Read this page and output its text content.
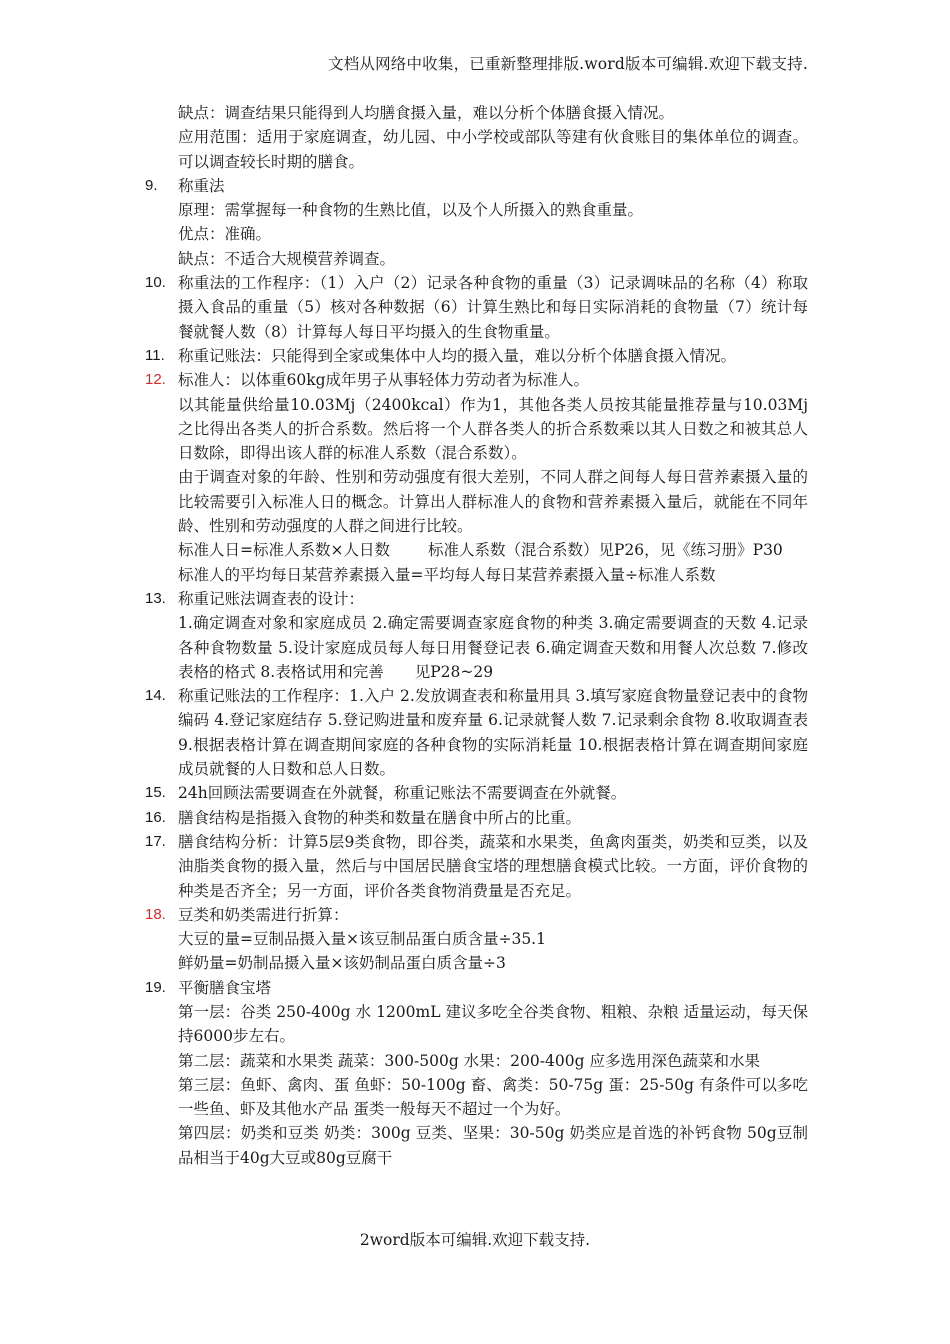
文档从网络中收集，已重新整理排版.word版本可编辑.欢迎下载支持.
缺点：调查结果只能得到人均膳食摄入量，难以分析个体膳食摄入情况。
应用范围：适用于家庭调查，幼儿园、中小学校或部队等建有伙食账目的集体单位的调查。可以调查较长时期的膳食。
9. 称重法
原理：需掌握每一种食物的生熟比值，以及个人所摄入的熟食重量。
优点：准确。
缺点：不适合大规模营养调查。
10. 称重法的工作程序：（1）入户（2）记录各种食物的重量（3）记录调味品的名称（4）称取摄入食品的重量（5）核对各种数据（6）计算生熟比和每日实际消耗的食物量（7）统计每餐就餐人数（8）计算每人每日平均摄入的生食物重量。
11. 称重记账法：只能得到全家或集体中人均的摄入量，难以分析个体膳食摄入情况。
12. 标准人：以体重60kg成年男子从事轻体力劳动者为标准人。
以其能量供给量10.03Mj（2400kcal）作为1，其他各类人员按其能量推荐量与10.03Mj之比得出各类人的折合系数。然后将一个人群各类人的折合系数乘以其人日数之和被其总人日数除，即得出该人群的标准人系数（混合系数）。
由于调查对象的年龄、性别和劳动强度有很大差别，不同人群之间每人每日营养素摄入量的比较需要引入标准人日的概念。计算出人群标准人的食物和营养素摄入量后，就能在不同年龄、性别和劳动强度的人群之间进行比较。
标准人日=标准人系数×人日数 标准人系数（混合系数）见P26，见《练习册》P30
标准人的平均每日某营养素摄入量=平均每人每日某营养素摄入量÷标准人系数
13. 称重记账法调查表的设计：
1.确定调查对象和家庭成员 2.确定需要调查家庭食物的种类 3.确定需要调查的天数 4.记录各种食物数量 5.设计家庭成员每人每日用餐登记表 6.确定调查天数和用餐人次总数 7.修改表格的格式 8.表格试用和完善　　见P28~29
14. 称重记账法的工作程序：1.入户 2.发放调查表和称量用具 3.填写家庭食物量登记表中的食物编码 4.登记家庭结存 5.登记购进量和废弃量 6.记录就餐人数 7.记录剩余食物 8.收取调查表 9.根据表格计算在调查期间家庭的各种食物的实际消耗量 10.根据表格计算在调查期间家庭成员就餐的人日数和总人日数。
15. 24h回顾法需要调查在外就餐，称重记账法不需要调查在外就餐。
16. 膳食结构是指摄入食物的种类和数量在膳食中所占的比重。
17. 膳食结构分析：计算5层9类食物，即谷类，蔬菜和水果类，鱼禽肉蛋类，奶类和豆类，以及油脂类食物的摄入量，然后与中国居民膳食宝塔的理想膳食模式比较。一方面，评价食物的种类是否齐全；另一方面，评价各类食物消费量是否充足。
18. 豆类和奶类需进行折算：
大豆的量=豆制品摄入量×该豆制品蛋白质含量÷35.1
鲜奶量=奶制品摄入量×该奶制品蛋白质含量÷3
19. 平衡膳食宝塔
第一层：谷类 250-400g 水 1200mL 建议多吃全谷类食物、粗粮、杂粮 适量运动，每天保持6000步左右。
第二层：蔬菜和水果类 蔬菜：300-500g 水果：200-400g 应多选用深色蔬菜和水果
第三层：鱼虾、禽肉、蛋 鱼虾：50-100g 畜、禽类：50-75g 蛋：25-50g 有条件可以多吃一些鱼、虾及其他水产品 蛋类一般每天不超过一个为好。
第四层：奶类和豆类 奶类：300g 豆类、坚果：30-50g 奶类应是首选的补钙食物 50g豆制品相当于40g大豆或80g豆腐干
2word版本可编辑.欢迎下载支持.
